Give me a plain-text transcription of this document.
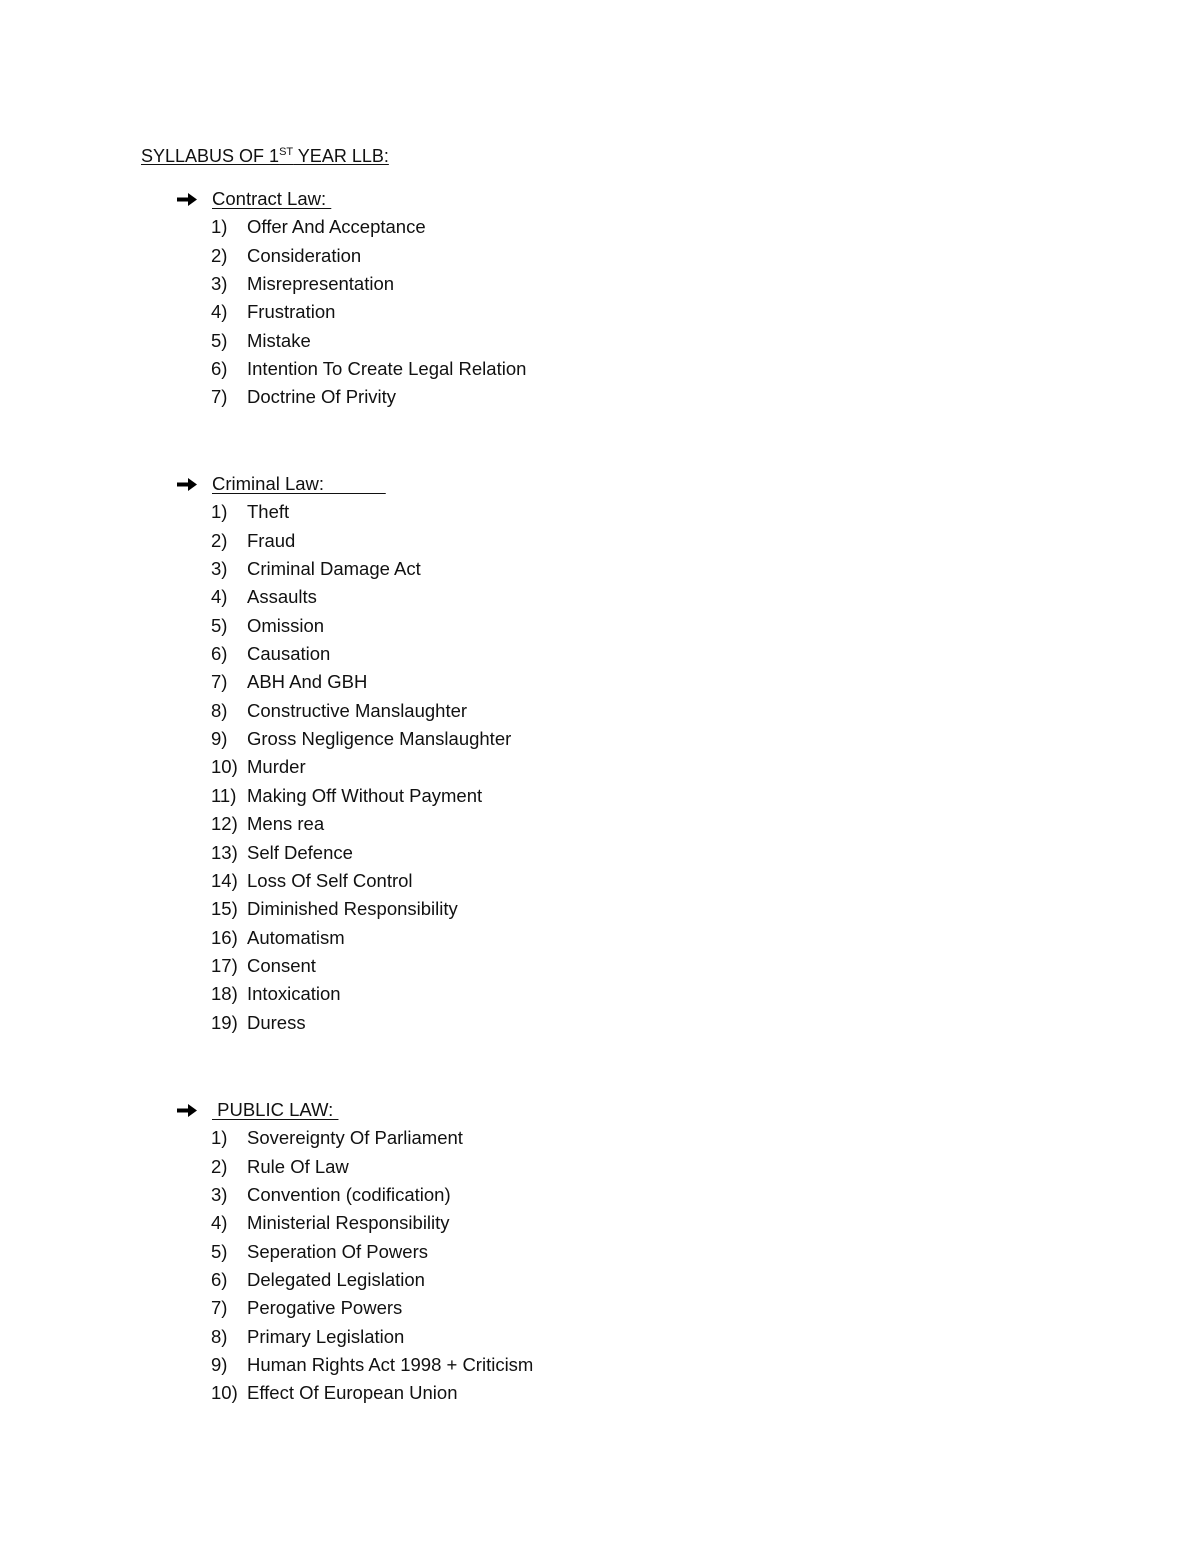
SYLLABUS OF 1ST YEAR LLB:
Contract Law:
1) Offer And Acceptance
2) Consideration
3) Misrepresentation
4) Frustration
5) Mistake
6) Intention To Create Legal Relation
7) Doctrine Of Privity
Criminal Law:
1) Theft
2) Fraud
3) Criminal Damage Act
4) Assaults
5) Omission
6) Causation
7) ABH And GBH
8) Constructive Manslaughter
9) Gross Negligence Manslaughter
10) Murder
11) Making Off Without Payment
12) Mens rea
13) Self Defence
14) Loss Of Self Control
15) Diminished Responsibility
16) Automatism
17) Consent
18) Intoxication
19) Duress
PUBLIC LAW:
1) Sovereignty Of Parliament
2) Rule Of Law
3) Convention (codification)
4) Ministerial Responsibility
5) Seperation Of Powers
6) Delegated Legislation
7) Perogative Powers
8) Primary Legislation
9) Human Rights Act 1998 + Criticism
10) Effect Of European Union
